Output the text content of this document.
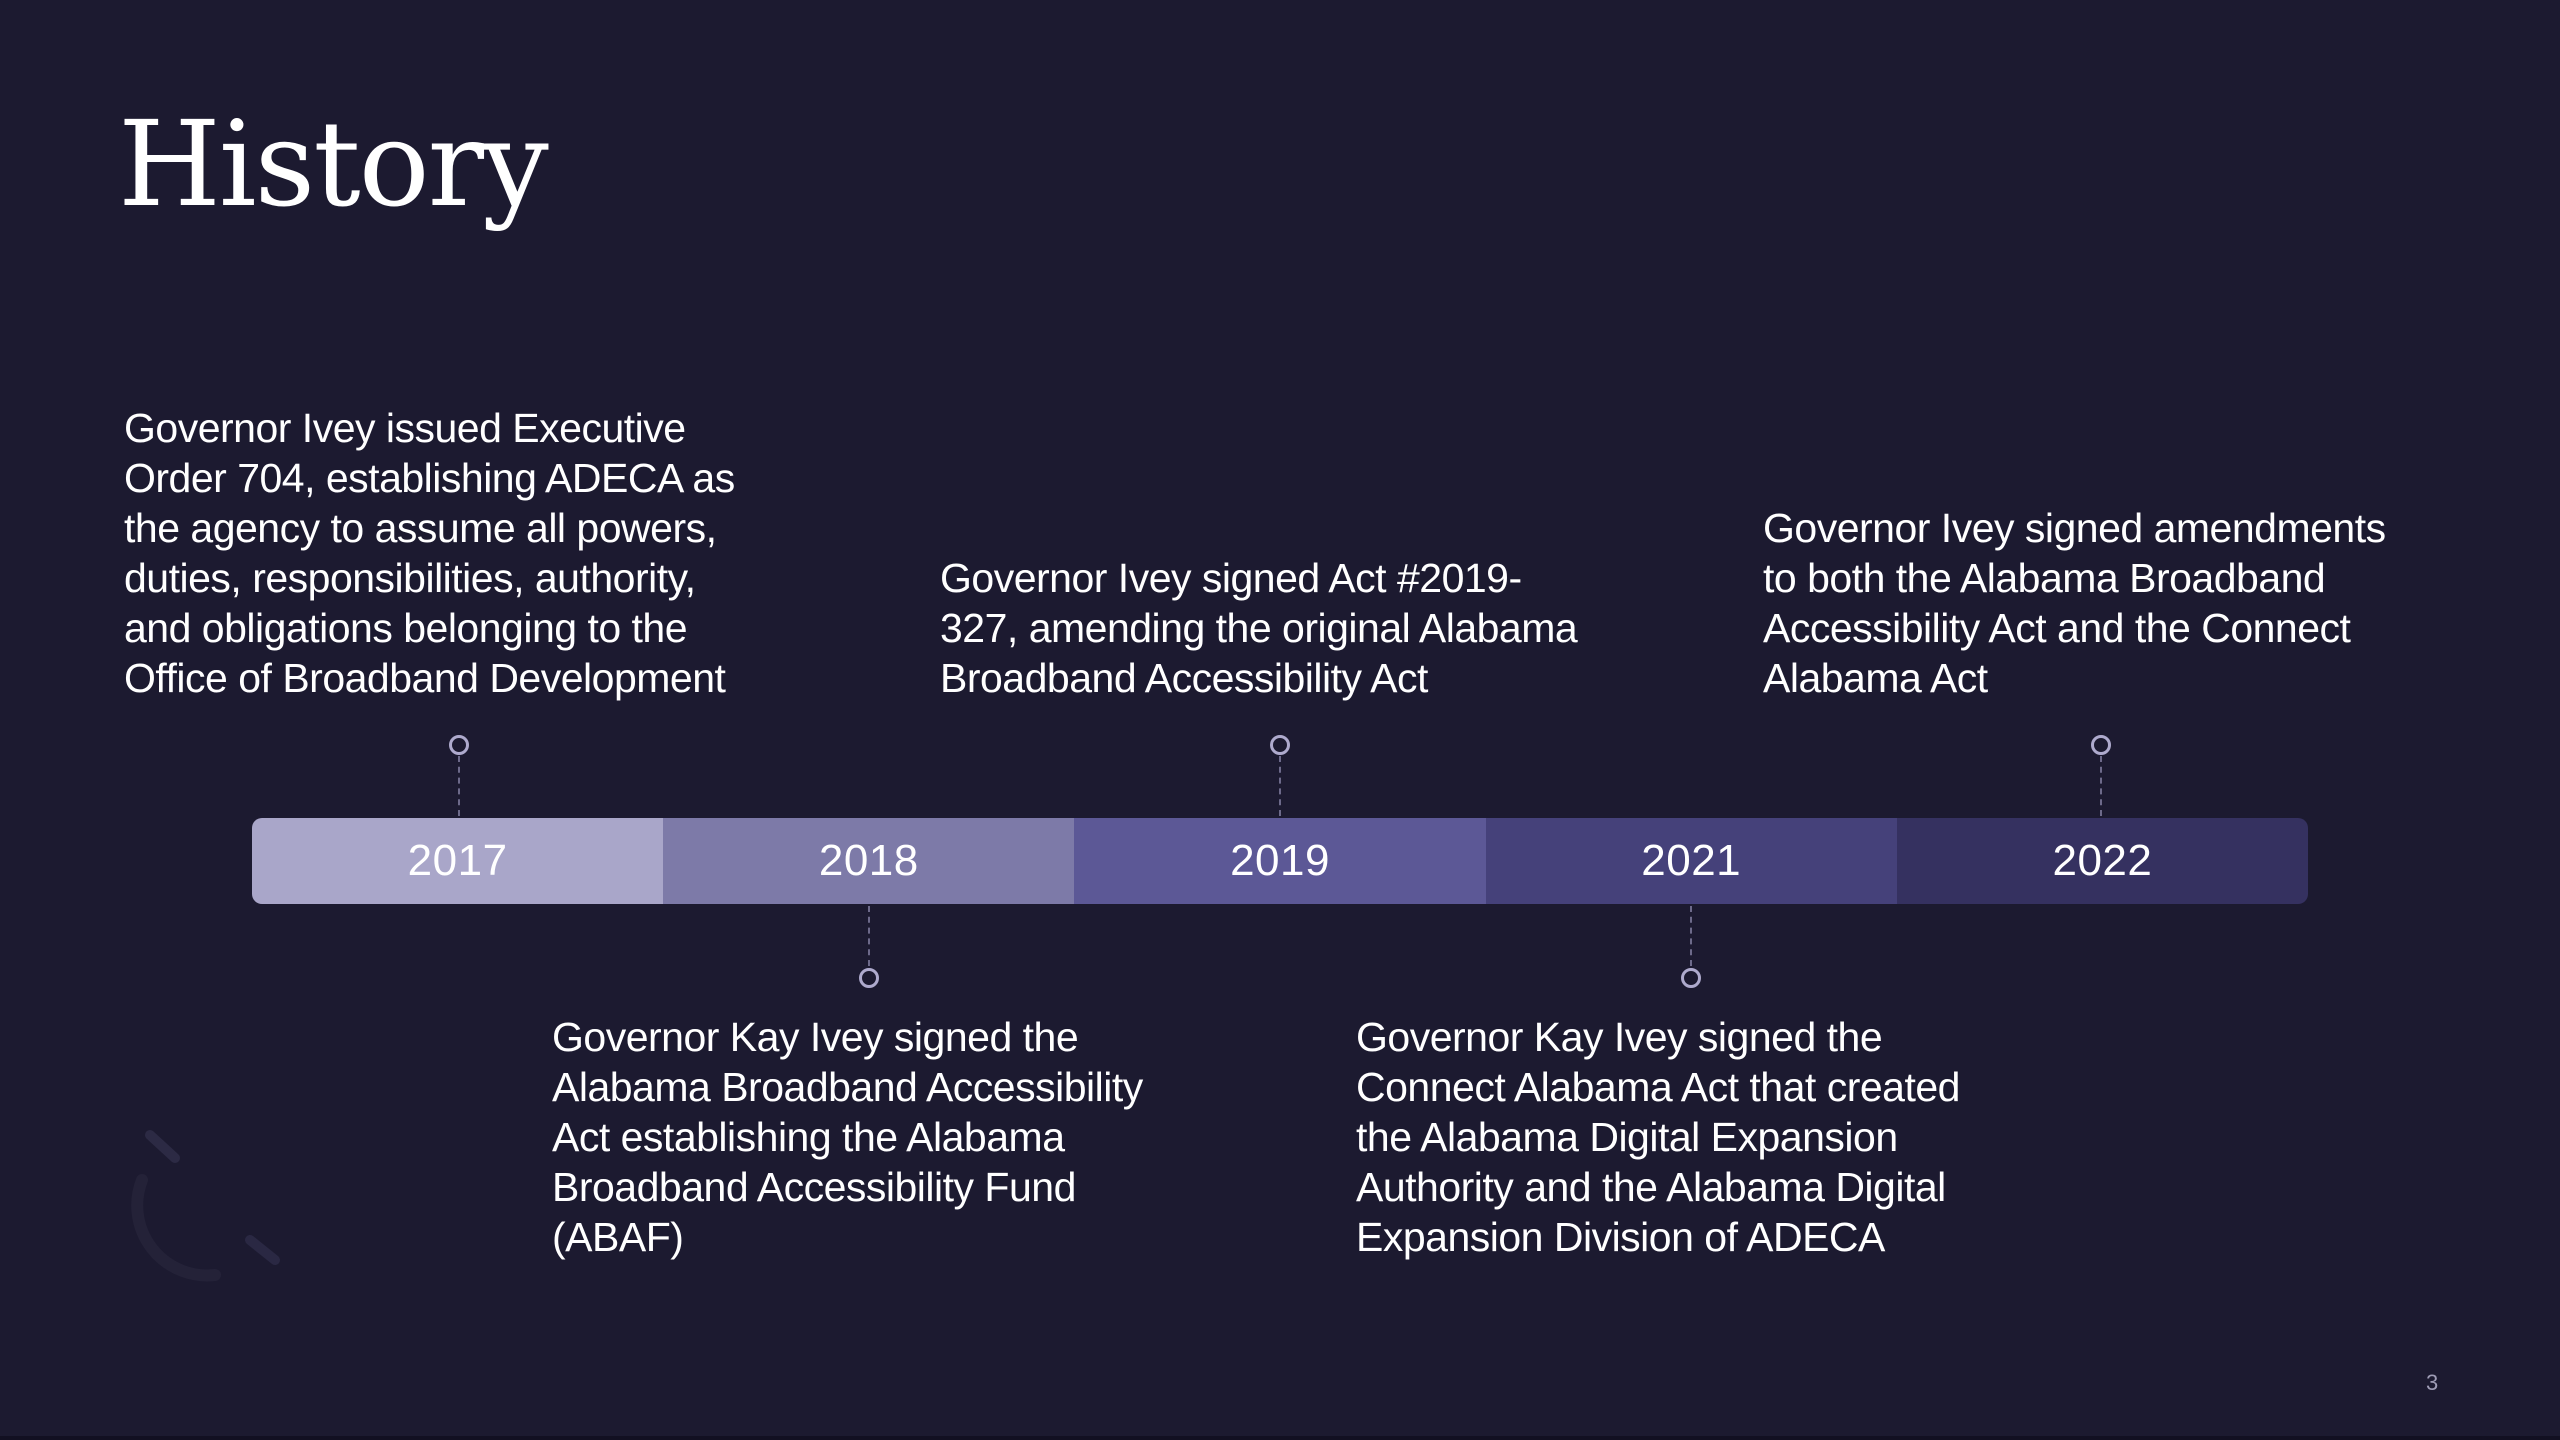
History
Governor Ivey issued Executive
Order 704, establishing ADECA as
the agency to assume all powers,
duties, responsibilities, authority,
and obligations belonging to the
Office of Broadband Development
Governor Ivey signed Act #2019-
327, amending the original Alabama
Broadband Accessibility Act
Governor Ivey signed amendments
to both the Alabama Broadband
Accessibility Act and the Connect
Alabama Act
2017	2018	2019	2021	2022
Governor Kay Ivey signed the
Alabama Broadband Accessibility
Act establishing the Alabama
Broadband Accessibility Fund
(ABAF)
Governor Kay Ivey signed the
Connect Alabama Act that created
the Alabama Digital Expansion
Authority and the Alabama Digital
Expansion Division of ADECA
3
